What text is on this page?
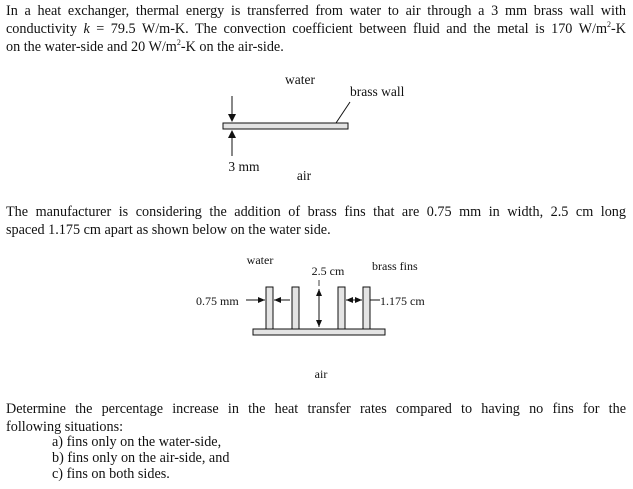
In a heat exchanger, thermal energy is transferred from water to air through a 3 mm brass wall with
conductivity k = 79.5 W/m-K. The convection coefficient between fluid and the metal is 170 $W/m^2-K$
on the water-side and 20 $W/m^2-K$ on the air-side.
water
brass wall
3 mm
air
water	brass fins
2.5 cm
0.75 mm	1.175 cm
air
The manufacturer is considering the addition of brass fins that are 0.75 mm in width, 2.5 cm long
spaced 1.175 cm apart as shown below on the water side.
Determine the percentage increase in the heat transfer rates compared to having no fins for the
following situations:
a) fins only on the water-side,
b) fins only on the air-side, and
c) fins on both sides.
